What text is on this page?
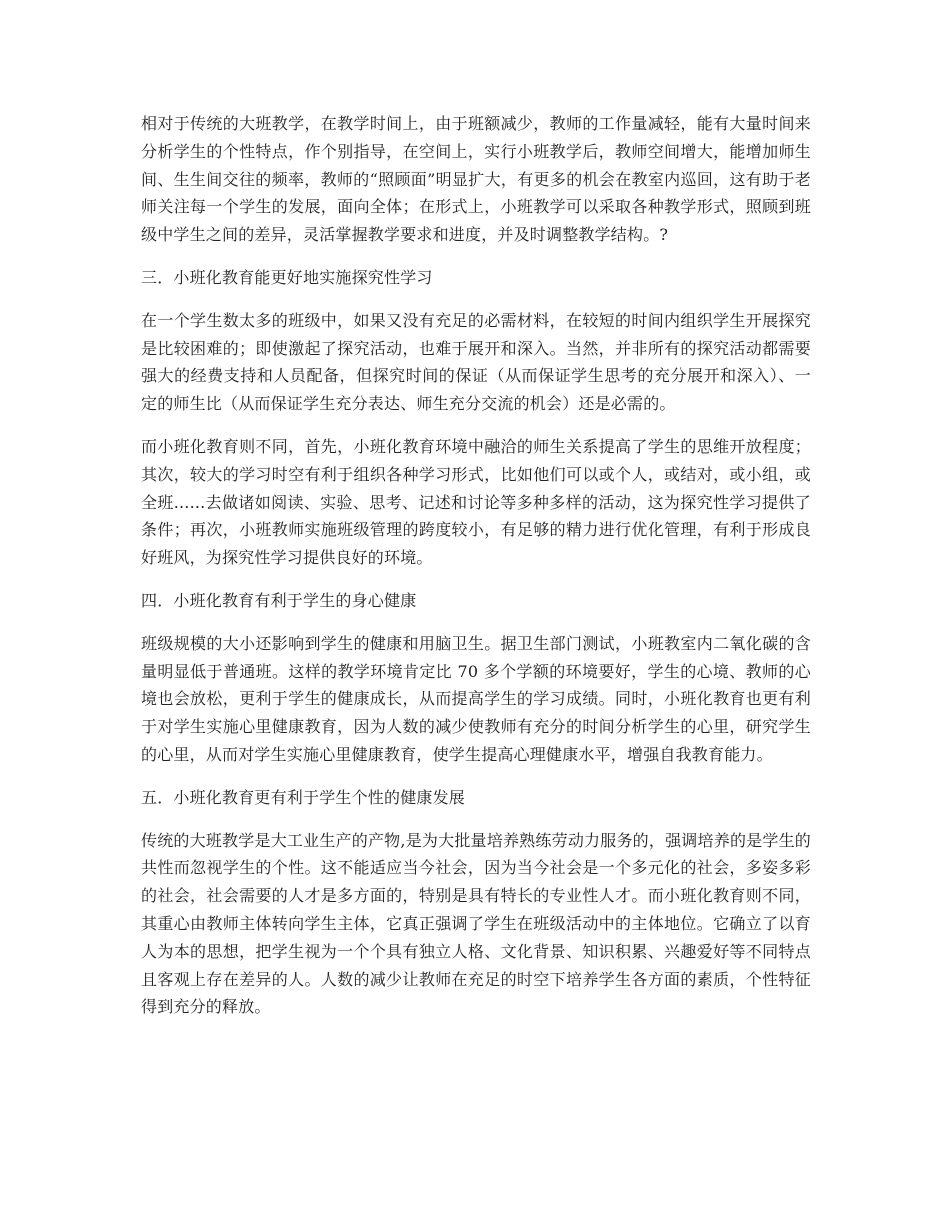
相对于传统的大班教学，在教学时间上，由于班额减少，教师的工作量减轻，能有大量时间来分析学生的个性特点，作个别指导，在空间上，实行小班教学后，教师空间增大，能增加师生间、生生间交往的频率，教师的“照顾面”明显扩大，有更多的机会在教室内巡回，这有助于老师关注每一个学生的发展，面向全体；在形式上，小班教学可以采取各种教学形式，照顾到班级中学生之间的差异，灵活掌握教学要求和进度，并及时调整教学结构。?

三．小班化教育能更好地实施探究性学习

在一个学生数太多的班级中，如果又没有充足的必需材料，在较短的时间内组织学生开展探究是比较困难的；即使激起了探究活动，也难于展开和深入。当然，并非所有的探究活动都需要强大的经费支持和人员配备，但探究时间的保证（从而保证学生思考的充分展开和深入）、一定的师生比（从而保证学生充分表达、师生充分交流的机会）还是必需的。

而小班化教育则不同，首先，小班化教育环境中融洽的师生关系提高了学生的思维开放程度；其次，较大的学习时空有利于组织各种学习形式，比如他们可以或个人，或结对，或小组，或全班......去做诸如阅读、实验、思考、记述和讨论等多种多样的活动，这为探究性学习提供了条件；再次，小班教师实施班级管理的跨度较小，有足够的精力进行优化管理，有利于形成良好班风，为探究性学习提供良好的环境。

四．小班化教育有利于学生的身心健康

班级规模的大小还影响到学生的健康和用脑卫生。据卫生部门测试，小班教室内二氧化碳的含量明显低于普通班。这样的教学环境肯定比 70 多个学额的环境要好，学生的心境、教师的心境也会放松，更利于学生的健康成长，从而提高学生的学习成绩。同时，小班化教育也更有利于对学生实施心里健康教育，因为人数的减少使教师有充分的时间分析学生的心里，研究学生的心里，从而对学生实施心里健康教育，使学生提高心理健康水平，增强自我教育能力。

五．小班化教育更有利于学生个性的健康发展

传统的大班教学是大工业生产的产物,是为大批量培养熟练劳动力服务的，强调培养的是学生的共性而忽视学生的个性。这不能适应当今社会，因为当今社会是一个多元化的社会，多姿多彩的社会，社会需要的人才是多方面的，特别是具有特长的专业性人才。而小班化教育则不同，其重心由教师主体转向学生主体，它真正强调了学生在班级活动中的主体地位。它确立了以育人为本的思想，把学生视为一个个具有独立人格、文化背景、知识积累、兴趣爱好等不同特点且客观上存在差异的人。人数的减少让教师在充足的时空下培养学生各方面的素质，个性特征得到充分的释放。
